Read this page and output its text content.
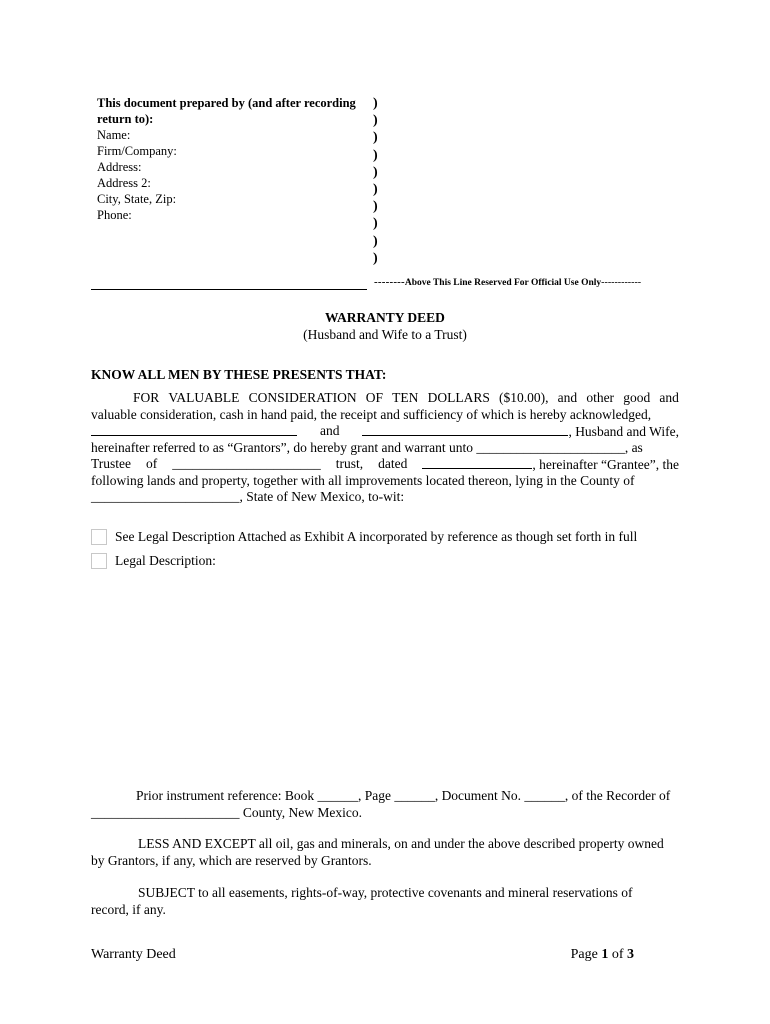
This document prepared by (and after recording
return to):
Name:
Firm/Company:
Address:
Address 2:
City, State, Zip:
Phone:
)
)
)
)
)
)
)
)
)
)
--------Above This Line Reserved For Official Use Only------------
WARRANTY DEED
(Husband and Wife to a Trust)
KNOW ALL MEN BY THESE PRESENTS THAT:
FOR VALUABLE CONSIDERATION OF TEN DOLLARS ($10.00), and other good and
valuable consideration, cash in hand paid, the receipt and sufficiency of which is hereby acknowledged,
and	, Husband and Wife,
hereinafter referred to as “Grantors”, do hereby grant and warrant unto ______________________, as
Trustee of ______________________ trust, dated	, hereinafter “Grantee”, the
following lands and property, together with all improvements located thereon, lying in the County of
______________________, State of New Mexico, to-wit:
See Legal Description Attached as Exhibit A incorporated by reference as though set forth in full
Legal Description:
Prior instrument reference: Book ______, Page ______, Document No. ______, of the Recorder of
______________________ County, New Mexico.
LESS AND EXCEPT all oil, gas and minerals, on and under the above described property owned
by Grantors, if any, which are reserved by Grantors.
SUBJECT to all easements, rights-of-way, protective covenants and mineral reservations of
record, if any.
Warranty Deed	Page 1 of 3
